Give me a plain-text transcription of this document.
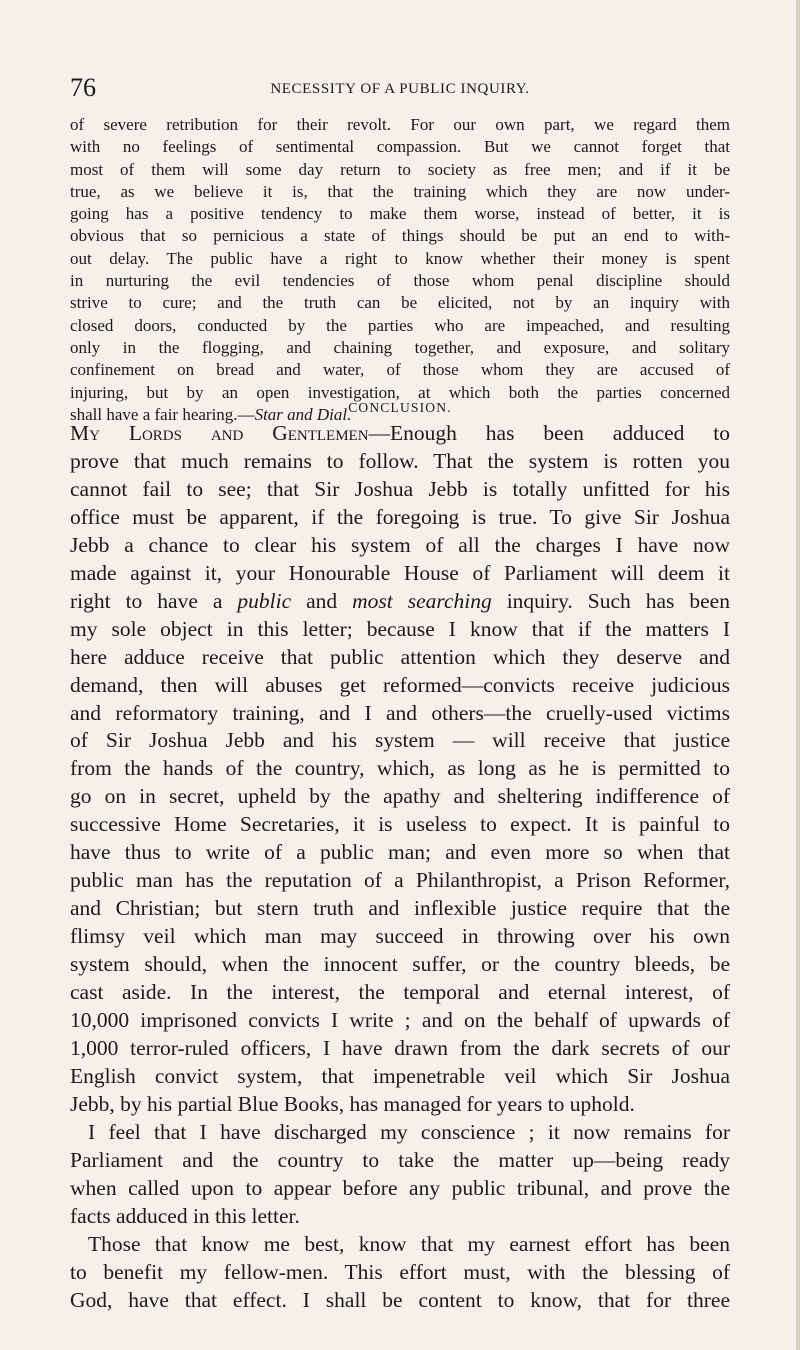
76	NECESSITY OF A PUBLIC INQUIRY.
of severe retribution for their revolt. For our own part, we regard them
with no feelings of sentimental compassion. But we cannot forget that
most of them will some day return to society as free men; and if it be
true, as we believe it is, that the training which they are now under-
going has a positive tendency to make them worse, instead of better, it is
obvious that so pernicious a state of things should be put an end to with-
out delay. The public have a right to know whether their money is spent
in nurturing the evil tendencies of those whom penal discipline should
strive to cure; and the truth can be elicited, not by an inquiry with
closed doors, conducted by the parties who are impeached, and resulting
only in the flogging, and chaining together, and exposure, and solitary
confinement on bread and water, of those whom they are accused of
injuring, but by an open investigation, at which both the parties concerned
shall have a fair hearing.—Star and Dial.
CONCLUSION.
My Lords and Gentlemen—Enough has been adduced to
prove that much remains to follow. That the system is rotten you
cannot fail to see; that Sir Joshua Jebb is totally unfitted for his
office must be apparent, if the foregoing is true. To give Sir Joshua
Jebb a chance to clear his system of all the charges I have now
made against it, your Honourable House of Parliament will deem it
right to have a public and most searching inquiry. Such has been
my sole object in this letter; because I know that if the matters I
here adduce receive that public attention which they deserve and
demand, then will abuses get reformed—convicts receive judicious
and reformatory training, and I and others—the cruelly-used victims
of Sir Joshua Jebb and his system — will receive that justice
from the hands of the country, which, as long as he is permitted to
go on in secret, upheld by the apathy and sheltering indifference of
successive Home Secretaries, it is useless to expect. It is painful to
have thus to write of a public man; and even more so when that
public man has the reputation of a Philanthropist, a Prison Reformer,
and Christian; but stern truth and inflexible justice require that the
flimsy veil which man may succeed in throwing over his own
system should, when the innocent suffer, or the country bleeds, be
cast aside. In the interest, the temporal and eternal interest, of
10,000 imprisoned convicts I write ; and on the behalf of upwards of
1,000 terror-ruled officers, I have drawn from the dark secrets of our
English convict system, that impenetrable veil which Sir Joshua
Jebb, by his partial Blue Books, has managed for years to uphold.
I feel that I have discharged my conscience ; it now remains for
Parliament and the country to take the matter up—being ready
when called upon to appear before any public tribunal, and prove the
facts adduced in this letter.
Those that know me best, know that my earnest effort has been
to benefit my fellow-men. This effort must, with the blessing of
God, have that effect. I shall be content to know, that for three
